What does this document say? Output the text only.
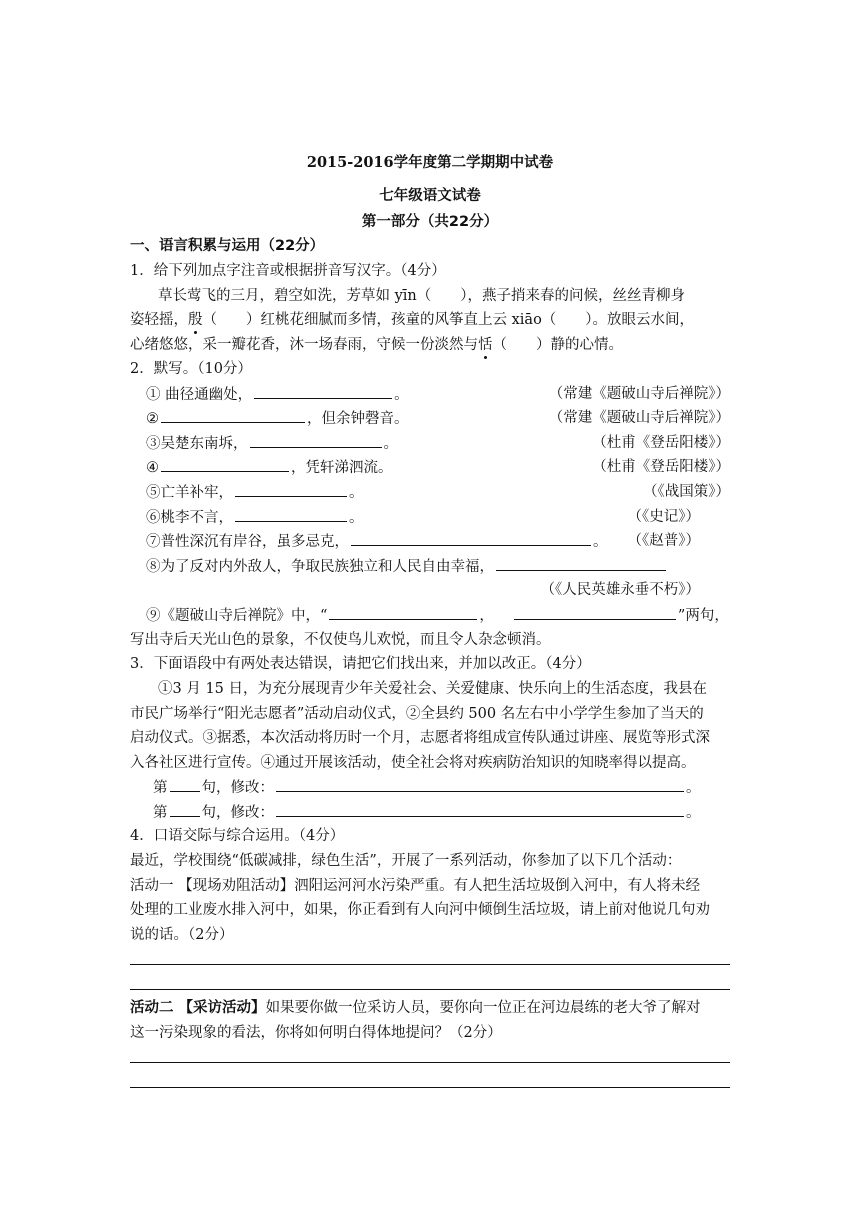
2015-2016学年度第二学期期中试卷
七年级语文试卷
第一部分（共22分）
一、语言积累与运用（22分）
1．给下列加点字注音或根据拼音写汉字。（4分）
草长莺飞的三月，碧空如洗，芳草如 yīn（　　），燕子捎来春的问候，丝丝青柳身
姿轻摇，殷（　　）红桃花细腻而多情，孩童的风筝直上云 xiāo（　　）。放眼云水间，
心绪悠悠，采一瓣花香，沐一场春雨，守候一份淡然与恬（　　）静的心情。
2．默写。（10分）
① 曲径通幽处，	。	（常建《题破山寺后禅院》）
②	，但余钟磬音。	（常建《题破山寺后禅院》）
③吴楚东南坼，	。	（杜甫《登岳阳楼》）
④	，凭轩涕泗流。	（杜甫《登岳阳楼》）
⑤亡羊补牢，	。	（《战国策》）
⑥桃李不言，	。	（《史记》）
⑦普性深沉有岸谷，虽多忌克，	。 （《赵普》）
⑧为了反对内外敌人，争取民族独立和人民自由幸福，
（《人民英雄永垂不朽》）
⑨《题破山寺后禅院》中，“	，	”两句，
写出寺后天光山色的景象，不仅使鸟儿欢悦，而且令人杂念顿消。
3．下面语段中有两处表达错误，请把它们找出来，并加以改正。（4分）
①3 月 15 日，为充分展现青少年关爱社会、关爱健康、快乐向上的生活态度，我县在
市民广场举行“阳光志愿者”活动启动仪式，②全县约 500 名左右中小学学生参加了当天的
启动仪式。③据悉，本次活动将历时一个月，志愿者将组成宣传队通过讲座、展览等形式深
入各社区进行宣传。④通过开展该活动，使全社会将对疾病防治知识的知晓率得以提高。
第 句，修改：	。
第 句，修改：	。
4．口语交际与综合运用。（4分）
最近，学校围绕“低碳减排，绿色生活”，开展了一系列活动，你参加了以下几个活动：
活动一 【现场劝阻活动】泗阳运河河水污染严重。有人把生活垃圾倒入河中，有人将未经
处理的工业废水排入河中，如果，你正看到有人向河中倾倒生活垃圾，请上前对他说几句劝
说的话。（2分）
活动二 【采访活动】如果要你做一位采访人员，要你向一位正在河边晨练的老大爷了解对
这一污染现象的看法，你将如何明白得体地提问？（2分）
